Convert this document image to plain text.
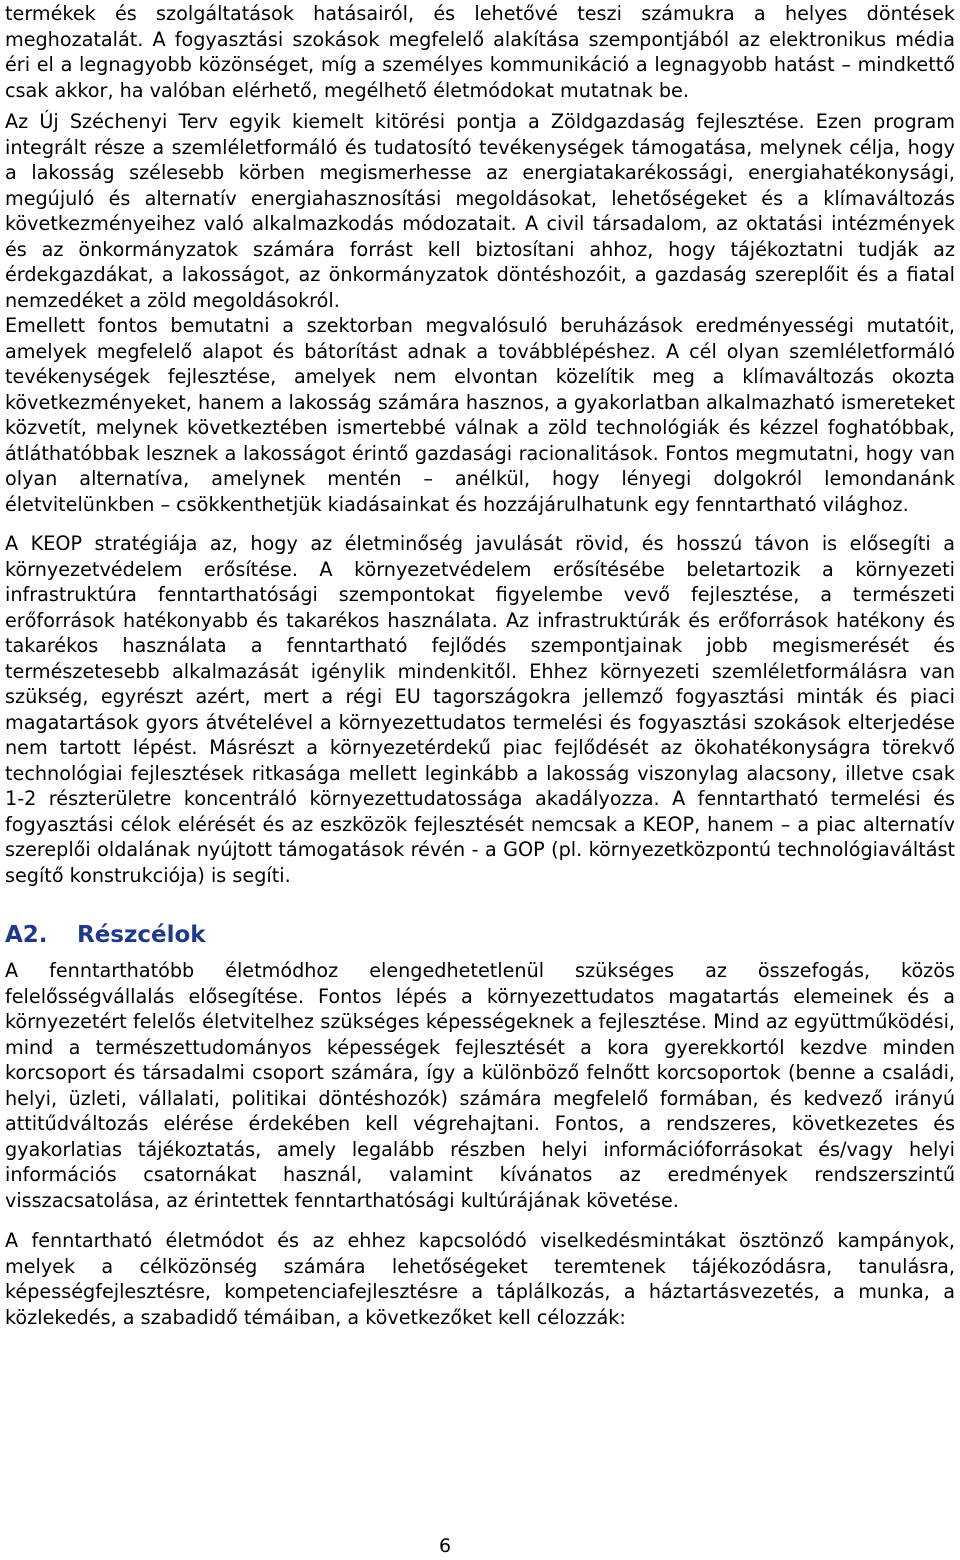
termékek és szolgáltatások hatásairól, és lehetővé teszi számukra a helyes döntések meghozatalát. A fogyasztási szokások megfelelő alakítása szempontjából az elektronikus média éri el a legnagyobb közönséget, míg a személyes kommunikáció a legnagyobb hatást – mindkettő csak akkor, ha valóban elérhető, megélhető életmódokat mutatnak be.

Az Új Széchenyi Terv egyik kiemelt kitörési pontja a Zöldgazdaság fejlesztése. Ezen program integrált része a szemléletformáló és tudatosító tevékenységek támogatása, melynek célja, hogy a lakosság szélesebb körben megismerhesse az energiatakarékossági, energiahatékonysági, megújuló és alternatív energiahasznosítási megoldásokat, lehetőségeket és a klímaváltozás következményeihez való alkalmazkodás módozatait. A civil társadalom, az oktatási intézmények és az önkormányzatok számára forrást kell biztosítani ahhoz, hogy tájékoztatni tudják az érdekgazdákat, a lakosságot, az önkormányzatok döntéshozóit, a gazdaság szereplőit és a fiatal nemzedéket a zöld megoldásokról.

Emellett fontos bemutatni a szektorban megvalósuló beruházások eredményességi mutatóit, amelyek megfelelő alapot és bátorítást adnak a továbblépéshez. A cél olyan szemléletformáló tevékenységek fejlesztése, amelyek nem elvontan közelítik meg a klímaváltozás okozta következményeket, hanem a lakosság számára hasznos, a gyakorlatban alkalmazható ismereteket közvetít, melynek következtében ismertebbé válnak a zöld technológiák és kézzel foghatóbbak, átláthatóbbak lesznek a lakosságot érintő gazdasági racionalitások. Fontos megmutatni, hogy van olyan alternatíva, amelynek mentén – anélkül, hogy lényegi dolgokról lemondanánk életvitelünkben – csökkenthetjük kiadásainkat és hozzájárulhatunk egy fenntartható világhoz.

A KEOP stratégiája az, hogy az életminőség javulását rövid, és hosszú távon is elősegíti a környezetvédelem erősítése. A környezetvédelem erősítésébe beletartozik a környezeti infrastruktúra fenntarthatósági szempontokat figyelembe vevő fejlesztése, a természeti erőforrások hatékonyabb és takarékos használata. Az infrastruktúrák és erőforrások hatékony és takarékos használata a fenntartható fejlődés szempontjainak jobb megismerését és természetesebb alkalmazását igénylik mindenkitől. Ehhez környezeti szemléletformálásra van szükség, egyrészt azért, mert a régi EU tagországokra jellemző fogyasztási minták és piaci magatartások gyors átvételével a környezettudatos termelési és fogyasztási szokások elterjedése nem tartott lépést. Másrészt a környezetérdekű piac fejlődését az ökohatékonyságra törekvő technológiai fejlesztések ritkasága mellett leginkább a lakosság viszonylag alacsony, illetve csak 1-2 részterületre koncentráló környezettudatossága akadályozza. A fenntartható termelési és fogyasztási célok elérését és az eszközök fejlesztését nemcsak a KEOP, hanem – a piac alternatív szereplői oldalának nyújtott támogatások révén - a GOP (pl. környezetközpontú technológiaváltást segítő konstrukciója) is segíti.

A2. Részcélok

A fenntarthatóbb életmódhoz elengedhetetlenül szükséges az összefogás, közös felelősségvállalás elősegítése. Fontos lépés a környezettudatos magatartás elemeinek és a környezetért felelős életvitelhez szükséges képességeknek a fejlesztése. Mind az együttműködési, mind a természettudományos képességek fejlesztését a kora gyerekkortól kezdve minden korcsoport és társadalmi csoport számára, így a különböző felnőtt korcsoportok (benne a családi, helyi, üzleti, vállalati, politikai döntéshozók) számára megfelelő formában, és kedvező irányú attitűdváltozás elérése érdekében kell végrehajtani. Fontos, a rendszeres, következetes és gyakorlatias tájékoztatás, amely legalább részben helyi információforrásokat és/vagy helyi információs csatornákat használ, valamint kívánatos az eredmények rendszerszintű visszacsatolása, az érintettek fenntarthatósági kultúrájának követése.

A fenntartható életmódot és az ehhez kapcsolódó viselkedésmintákat ösztönző kampányok, melyek a célközönség számára lehetőségeket teremtenek tájékozódásra, tanulásra, képességfejlesztésre, kompetenciafejlesztésre a táplálkozás, a háztartásvezetés, a munka, a közlekedés, a szabadidő témáiban, a következőket kell célozzák:

6
